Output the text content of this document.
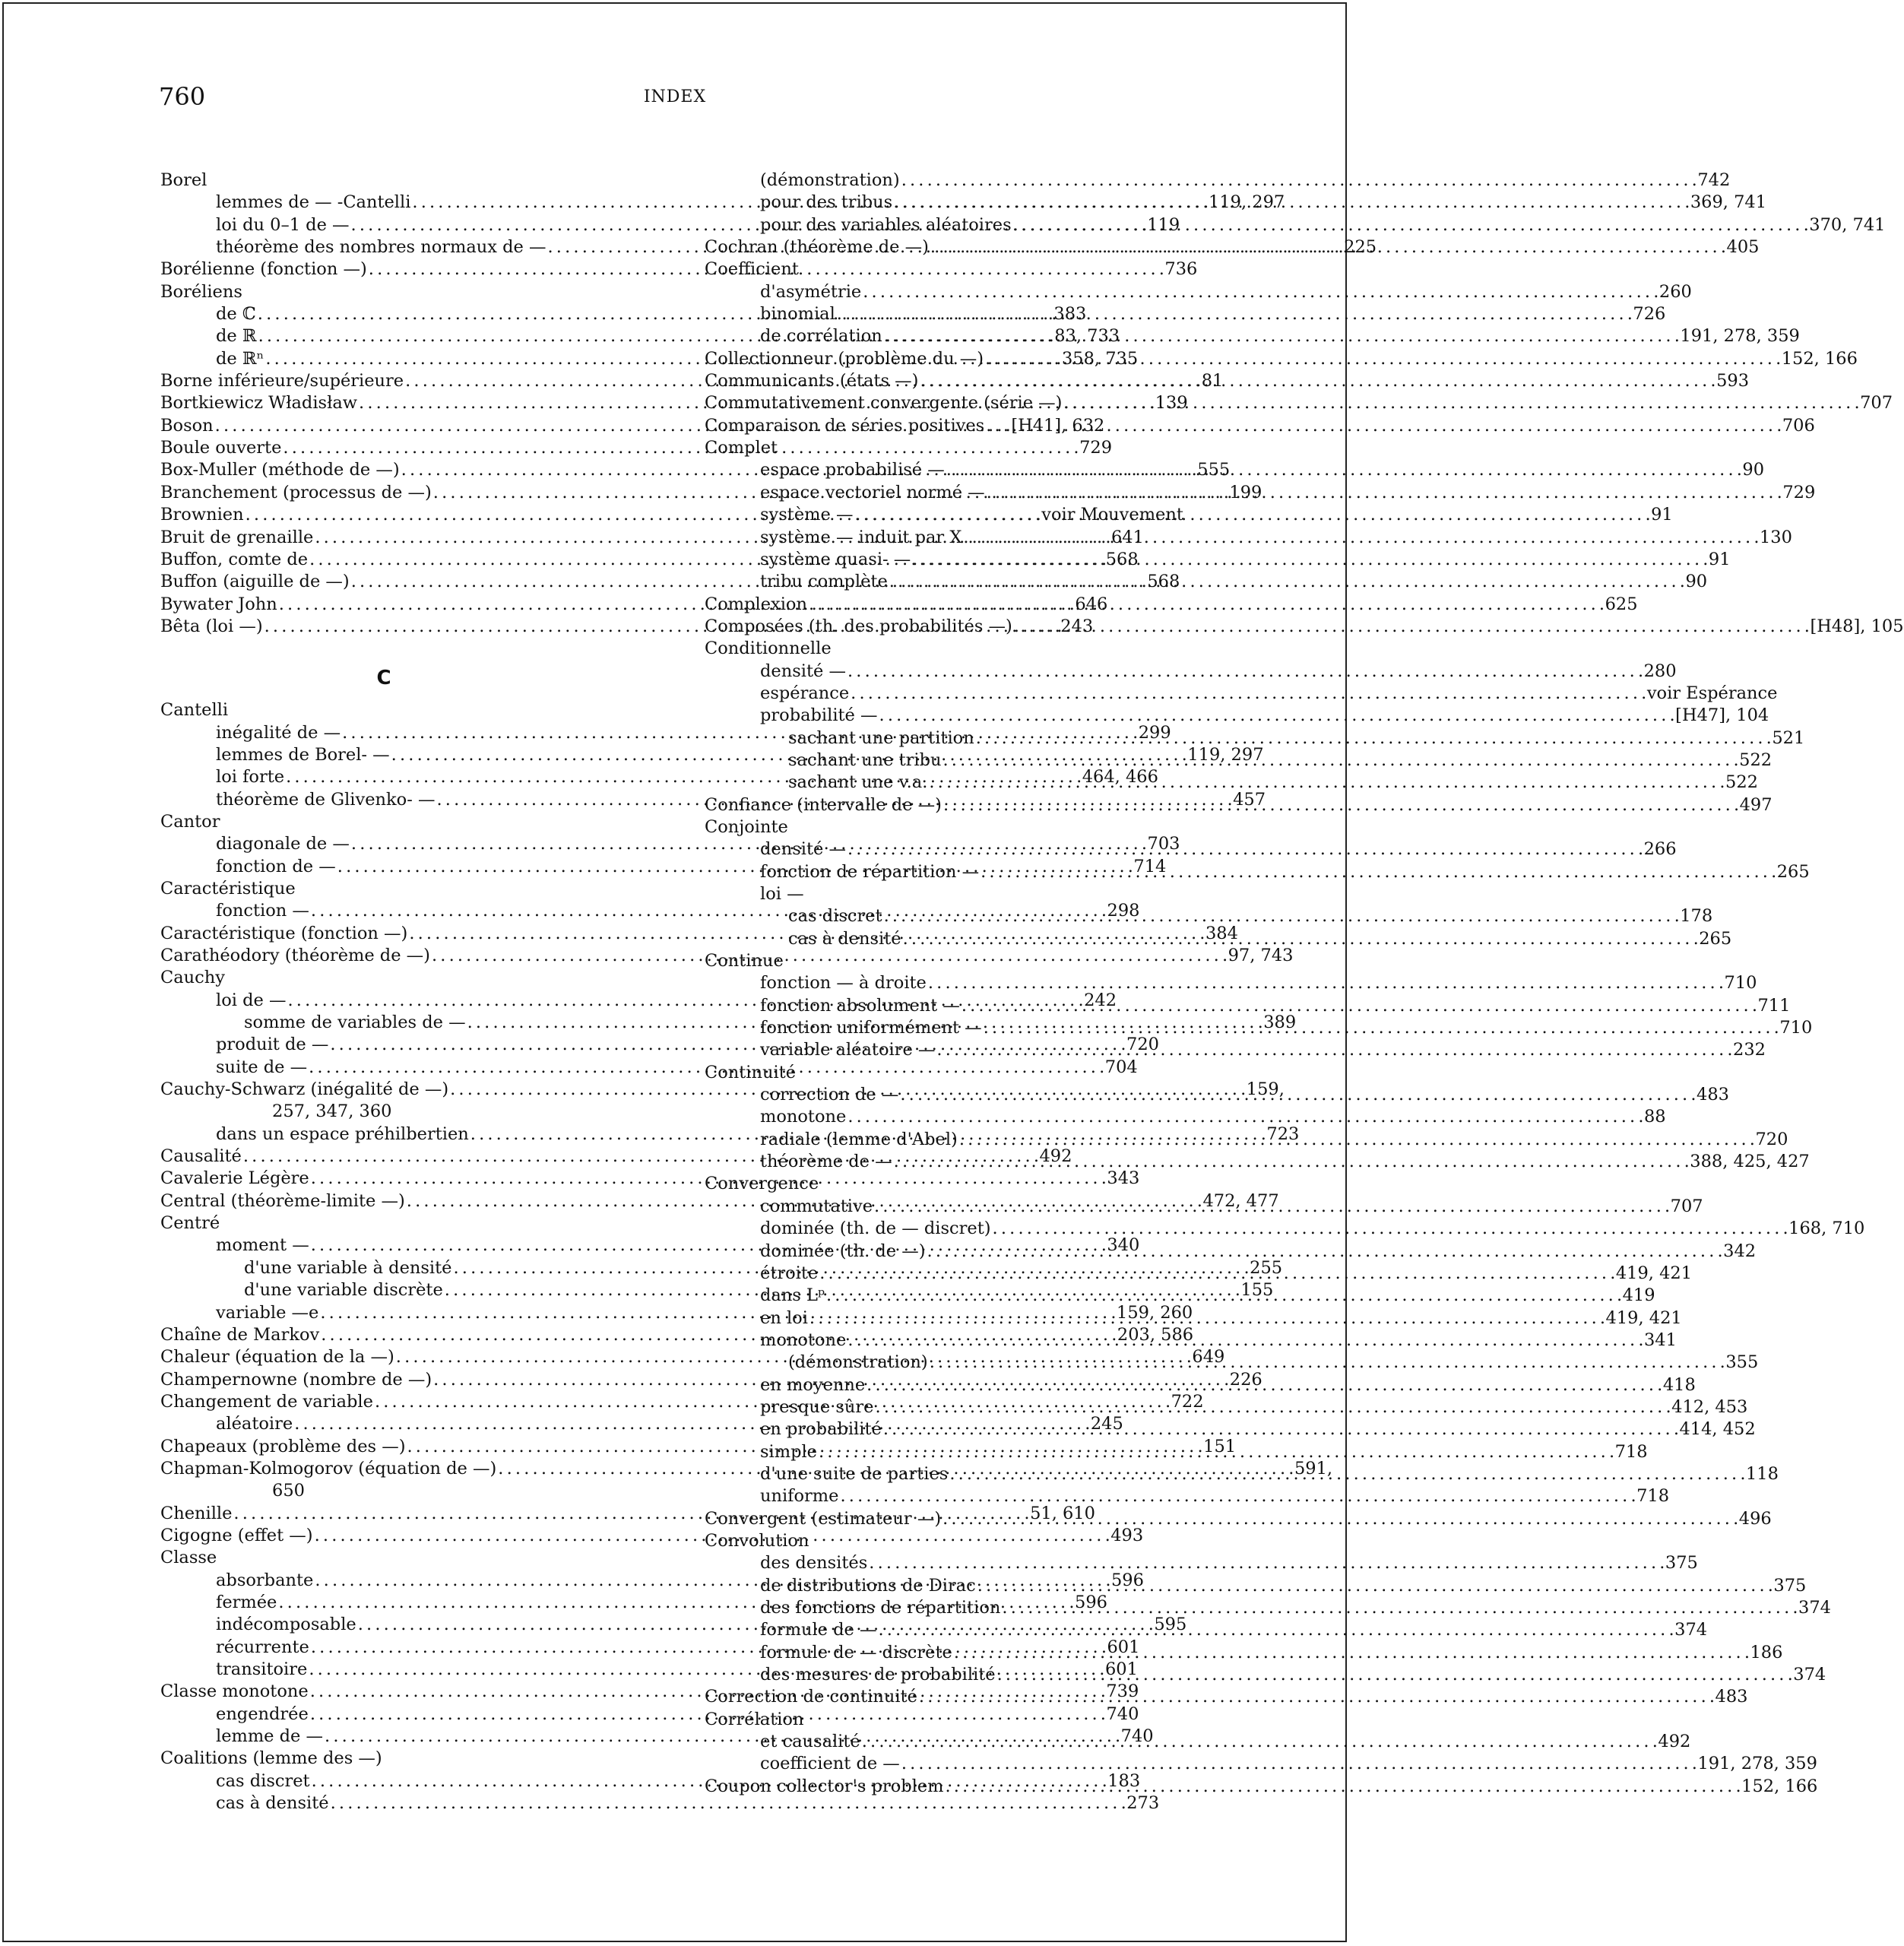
760	INDEX
Borel
lemmes de — -Cantelli . . .	119, 297
loi du 0–1 de — . . .	119
théorème des nombres normaux de — . . .	225
Borélienne (fonction —) . . .	736
Boréliens
de ℂ . . .	383
de ℝ . . .	83, 733
de ℝⁿ . . .	358, 735
Borne inférieure/supérieure . . .	81
Bortkiewicz Władisław . . .	139
Boson . . .	[H41], 632
Boule ouverte . . .	729
Box-Muller (méthode de —) . . .	555
Branchement (processus de —) . . .	199
Brownien . . .	voir Mouvement
Bruit de grenaille . . .	641
Buffon, comte de . . .	568
Buffon (aiguille de —) . . .	568
Bywater John . . .	646
Bêta (loi —) . . .	243
C
Cantelli
inégalité de — . . .	299
lemmes de Borel- — . . .	119, 297
loi forte . . .	464, 466
théorème de Glivenko- — . . .	457
Cantor
diagonale de — . . .	703
fonction de — . . .	714
Caractéristique
fonction — . . .	298
Caractéristique (fonction —) . . .	384
Carathéodory (théorème de —) . . .	97, 743
Cauchy
loi de — . . .	242
somme de variables de — . . .	389
produit de — . . .	720
suite de — . . .	704
Cauchy-Schwarz (inégalité de —) . . .	159,
257, 347, 360
dans un espace préhilbertien . . .	723
Causalité . . .	492
Cavalerie Légère . . .	343
Central (théorème-limite —) . . .	472, 477
Centré
moment — . . .	340
d'une variable à densité . . .	255
d'une variable discrète . . .	155
variable —e . . .	159, 260
Chaîne de Markov . . .	203, 586
Chaleur (équation de la —) . . .	649
Champernowne (nombre de —) . . .	226
Changement de variable . . .	722
aléatoire . . .	245
Chapeaux (problème des —) . . .	151
Chapman-Kolmogorov (équation de —) . . .	591,
650
Chenille . . .	51, 610
Cigogne (effet —) . . .	493
Classe
absorbante . . .	596
fermée . . .	596
indécomposable . . .	595
récurrente . . .	601
transitoire . . .	601
Classe monotone . . .	739
engendrée . . .	740
lemme de — . . .	740
Coalitions (lemme des —)
cas discret . . .	183
cas à densité . . .	273
(démonstration) . . .	742
pour des tribus . . .	369, 741
pour des variables aléatoires . . .	370, 741
Cochran (théorème de —) . . .	405
Coefficient
d'asymétrie . . .	260
binomial . . .	726
de corrélation . . .	191, 278, 359
Collectionneur (problème du —) . . .	152, 166
Communicants (états —) . . .	593
Commutativement convergente (série —) . . .	707
Comparaison de séries positives . . .	706
Complet
espace probabilisé — . . .	90
espace vectoriel normé — . . .	729
système — . . .	91
système — induit par X . . .	130
système quasi- — . . .	91
tribu complète . . .	90
Complexion . . .	625
Composées (th. des probabilités —) . . .	[H48], 105
Conditionnelle
densité — . . .	280
espérance . . .	voir Espérance
probabilité — . . .	[H47], 104
sachant une partition . . .	521
sachant une tribu . . .	522
sachant une v.a. . . .	522
Confiance (intervalle de —) . . .	497
Conjointe
densité — . . .	266
fonction de répartition — . . .	265
loi —
cas discret . . .	178
cas à densité . . .	265
Continue
fonction — à droite . . .	710
fonction absolument — . . .	711
fonction uniformément — . . .	710
variable aléatoire — . . .	232
Continuité
correction de — . . .	483
monotone . . .	88
radiale (lemme d'Abel) . . .	720
théorème de — . . .	388, 425, 427
Convergence
commutative . . .	707
dominée (th. de — discret) . . .	168, 710
dominée (th. de —) . . .	342
étroite . . .	419, 421
dans Lᵖ . . .	419
en loi . . .	419, 421
monotone . . .	341
(démonstration) . . .	355
en moyenne . . .	418
presque sûre . . .	412, 453
en probabilité . . .	414, 452
simple . . .	718
d'une suite de parties . . .	118
uniforme . . .	718
Convergent (estimateur —) . . .	496
Convolution
des densités . . .	375
de distributions de Dirac . . .	375
des fonctions de répartition . . .	374
formule de — . . .	374
formule de — discrète . . .	186
des mesures de probabilité . . .	374
Correction de continuité . . .	483
Corrélation
et causalité . . .	492
coefficient de — . . .	191, 278, 359
Coupon collector's problem . . .	152, 166
